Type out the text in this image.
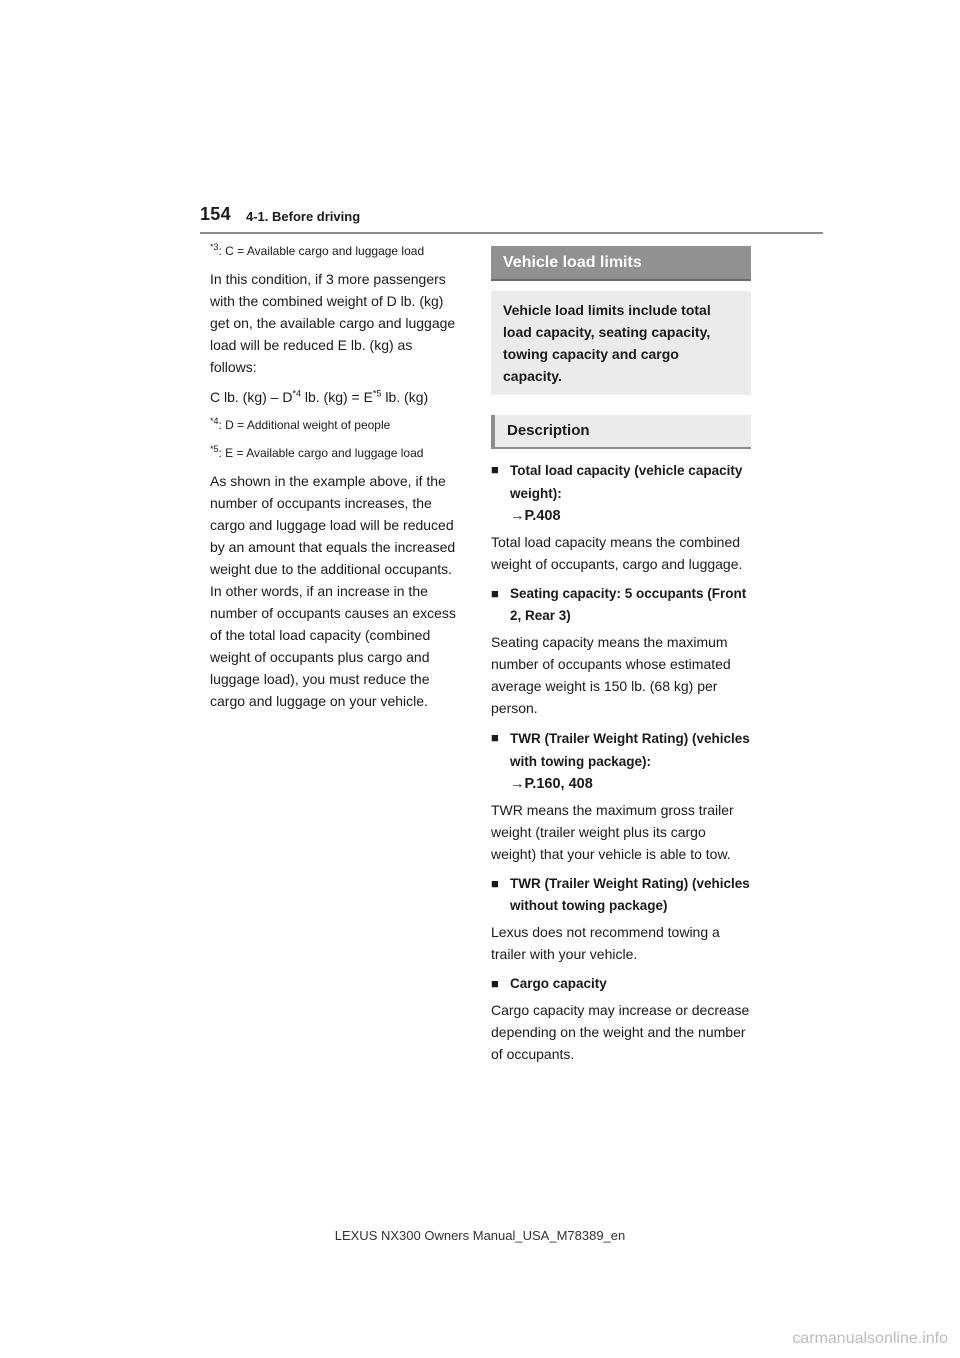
154 4-1. Before driving

$^{*3}$: C = Available cargo and luggage load

In this condition, if 3 more passengers with the combined weight of D lb. (kg) get on, the available cargo and luggage load will be reduced E lb. (kg) as follows:

C lb. $(kg) - D^{*4}$ lb. $(kg) = E^{*5}$ lb. (kg)

$^{*4}$: D = Additional weight of people

$^{*5}$: E = Available cargo and luggage load

As shown in the example above, if the number of occupants increases, the cargo and luggage load will be reduced by an amount that equals the increased weight due to the additional occupants. In other words, if an increase in the number of occupants causes an excess of the total load capacity (combined weight of occupants plus cargo and luggage load), you must reduce the cargo and luggage on your vehicle.

Vehicle load limits
Vehicle load limits include total load capacity, seating capacity, towing capacity and cargo capacity.
Description
■ Total load capacity (vehicle capacity weight):
→P.408

Total load capacity means the combined weight of occupants, cargo and luggage.

■ Seating capacity: 5 occupants (Front 2, Rear 3)

Seating capacity means the maximum number of occupants whose estimated average weight is 150 lb. (68 kg) per person.

■ TWR (Trailer Weight Rating) (vehicles with towing package):
→P.160, 408

TWR means the maximum gross trailer weight (trailer weight plus its cargo weight) that your vehicle is able to tow.

■ TWR (Trailer Weight Rating) (vehicles without towing package)

Lexus does not recommend towing a trailer with your vehicle.

■ Cargo capacity

Cargo capacity may increase or decrease depending on the weight and the number of occupants.

LEXUS NX300 Owners Manual_USA_M78389_en
carmanualsonline.info
